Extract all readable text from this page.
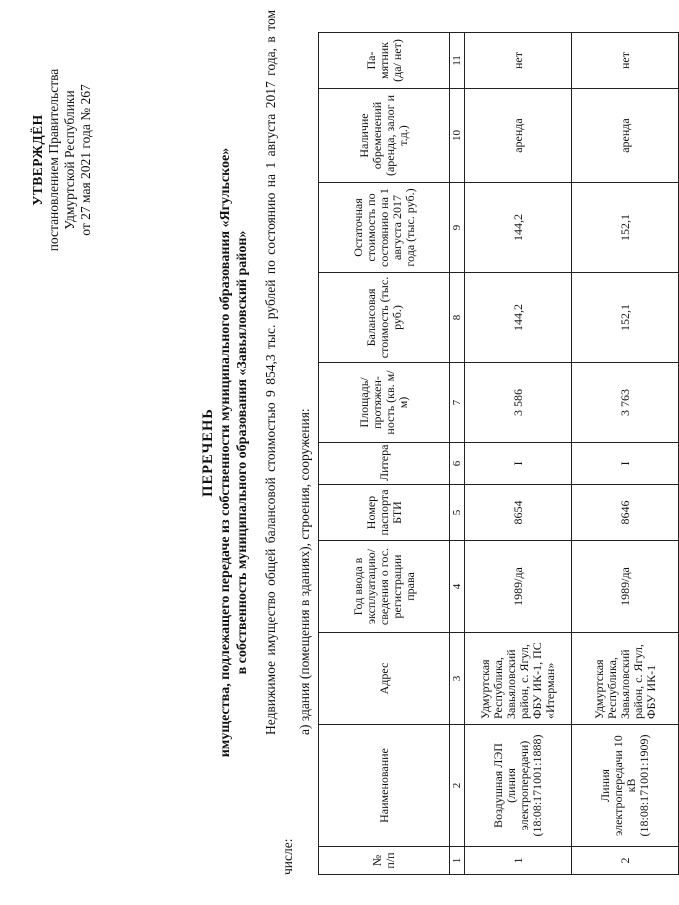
УТВЕРЖДЁН постановлением Правительства Удмуртской Республики от 27 мая 2021 года № 267
ПЕРЕЧЕНЬ имущества, подлежащего передаче из собственности муниципального образования «Ягульское» в собственность муниципального образования «Завьяловский район» Недвижимое имущество общей балансовой стоимостью 9 854,3 тыс. рублей по состоянию на 1 августа 2017 года, в том числе:
а) здания (помещения в зданиях), строения, сооружения:
№ п/п	Наименование	Адрес	Год ввода в эксплуатацию/ сведения о гос. регистрации права	Номер паспорта БТИ	Литера	Площадь/ протяжен-ность (кв. м/м)	Балансовая стоимость (тыс. руб.)	Остаточная стоимость по состоянию на 1 августа 2017 года (тыс. руб.)	Наличие обременений (аренда, залог и т.д.)	Па-мятник (да/ нет)
1	2	3	4	5	6	7	8	9	10	11
1	Воздушная ЛЭП (линия электропередачи) (18:08:171001:1888)	Удмуртская Республика, Завьяловский район, с. Ягул, ФБУ ИК-1, ПС «Итерман»	1989/да	8654	I	3 586	144,2	144,2	аренда	нет
2	Линия электропередачи 10 кВ (18:08:171001:1909)	Удмуртская Республика, Завьяловский район, с. Ягул, ФБУ ИК-1	1989/да	8646	I	3 763	152,1	152,1	аренда	нет
